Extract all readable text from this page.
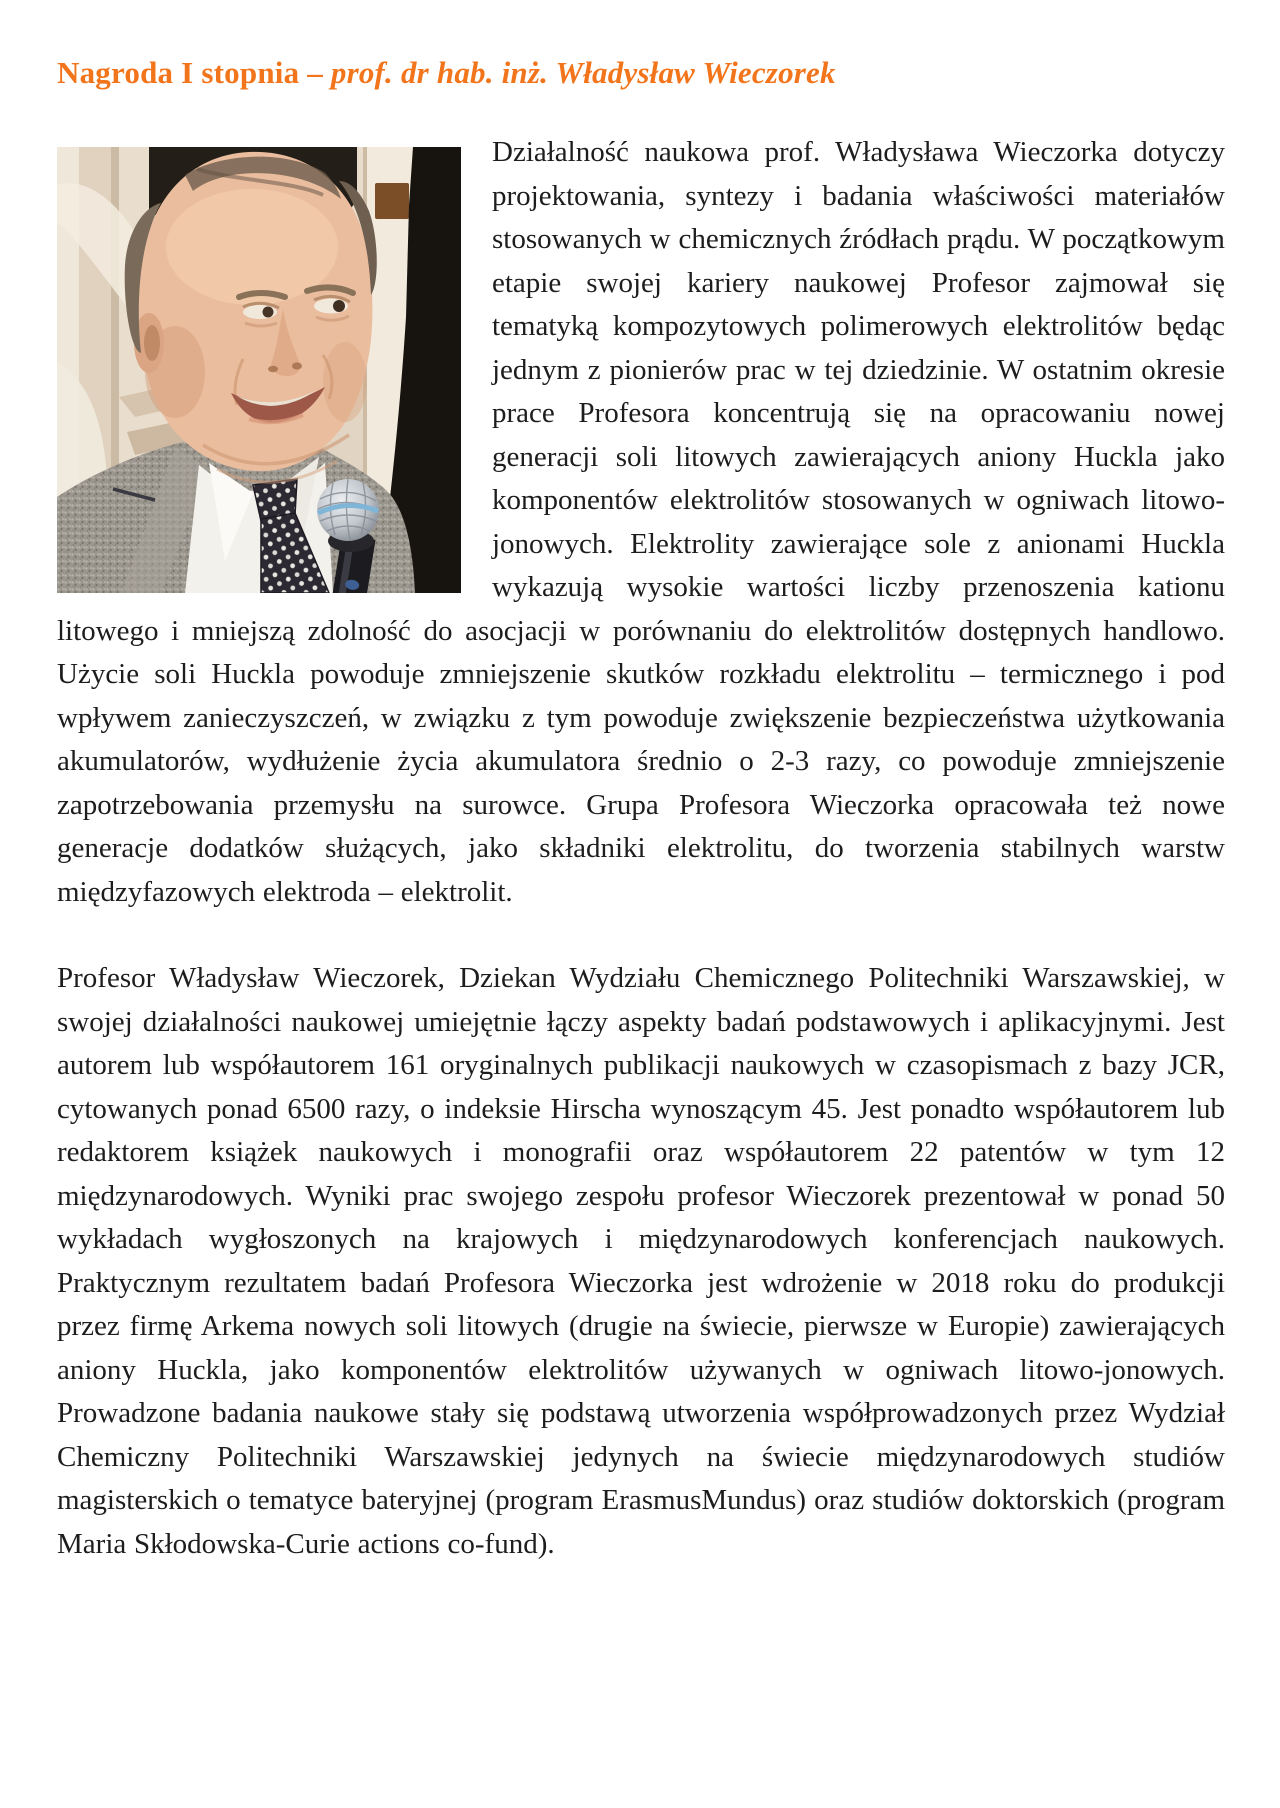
Nagroda I stopnia – prof. dr hab. inż. Władysław Wieczorek

Działalność naukowa prof. Władysława Wieczorka dotyczy projektowania, syntezy i badania właściwości materiałów stosowanych w chemicznych źródłach prądu. W początkowym etapie swojej kariery naukowej Profesor zajmował się tematyką kompozytowych polimerowych elektrolitów będąc jednym z pionierów prac w tej dziedzinie. W ostatnim okresie prace Profesora koncentrują się na opracowaniu nowej generacji soli litowych zawierających aniony Huckla jako komponentów elektrolitów stosowanych w ogniwach litowo-jonowych. Elektrolity zawierające sole z anionami Huckla wykazują wysokie wartości liczby przenoszenia kationu litowego i mniejszą zdolność do asocjacji w porównaniu do elektrolitów dostępnych handlowo. Użycie soli Huckla powoduje zmniejszenie skutków rozkładu elektrolitu – termicznego i pod wpływem zanieczyszczeń, w związku z tym powoduje zwiększenie bezpieczeństwa użytkowania akumulatorów, wydłużenie życia akumulatora średnio o 2-3 razy, co powoduje zmniejszenie zapotrzebowania przemysłu na surowce. Grupa Profesora Wieczorka opracowała też nowe generacje dodatków służących, jako składniki elektrolitu, do tworzenia stabilnych warstw międzyfazowych elektroda – elektrolit.

Profesor Władysław Wieczorek, Dziekan Wydziału Chemicznego Politechniki Warszawskiej, w swojej działalności naukowej umiejętnie łączy aspekty badań podstawowych i aplikacyjnymi. Jest autorem lub współautorem 161 oryginalnych publikacji naukowych w czasopismach z bazy JCR, cytowanych ponad 6500 razy, o indeksie Hirscha wynoszącym 45. Jest ponadto współautorem lub redaktorem książek naukowych i monografii oraz współautorem 22 patentów w tym 12 międzynarodowych. Wyniki prac swojego zespołu profesor Wieczorek prezentował w ponad 50 wykładach wygłoszonych na krajowych i międzynarodowych konferencjach naukowych. Praktycznym rezultatem badań Profesora Wieczorka jest wdrożenie w 2018 roku do produkcji przez firmę Arkema nowych soli litowych (drugie na świecie, pierwsze w Europie) zawierających aniony Huckla, jako komponentów elektrolitów używanych w ogniwach litowo-jonowych. Prowadzone badania naukowe stały się podstawą utworzenia współprowadzonych przez Wydział Chemiczny Politechniki Warszawskiej jedynych na świecie międzynarodowych studiów magisterskich o tematyce bateryjnej (program ErasmusMundus) oraz studiów doktorskich (program Maria Skłodowska-Curie actions co-fund).
